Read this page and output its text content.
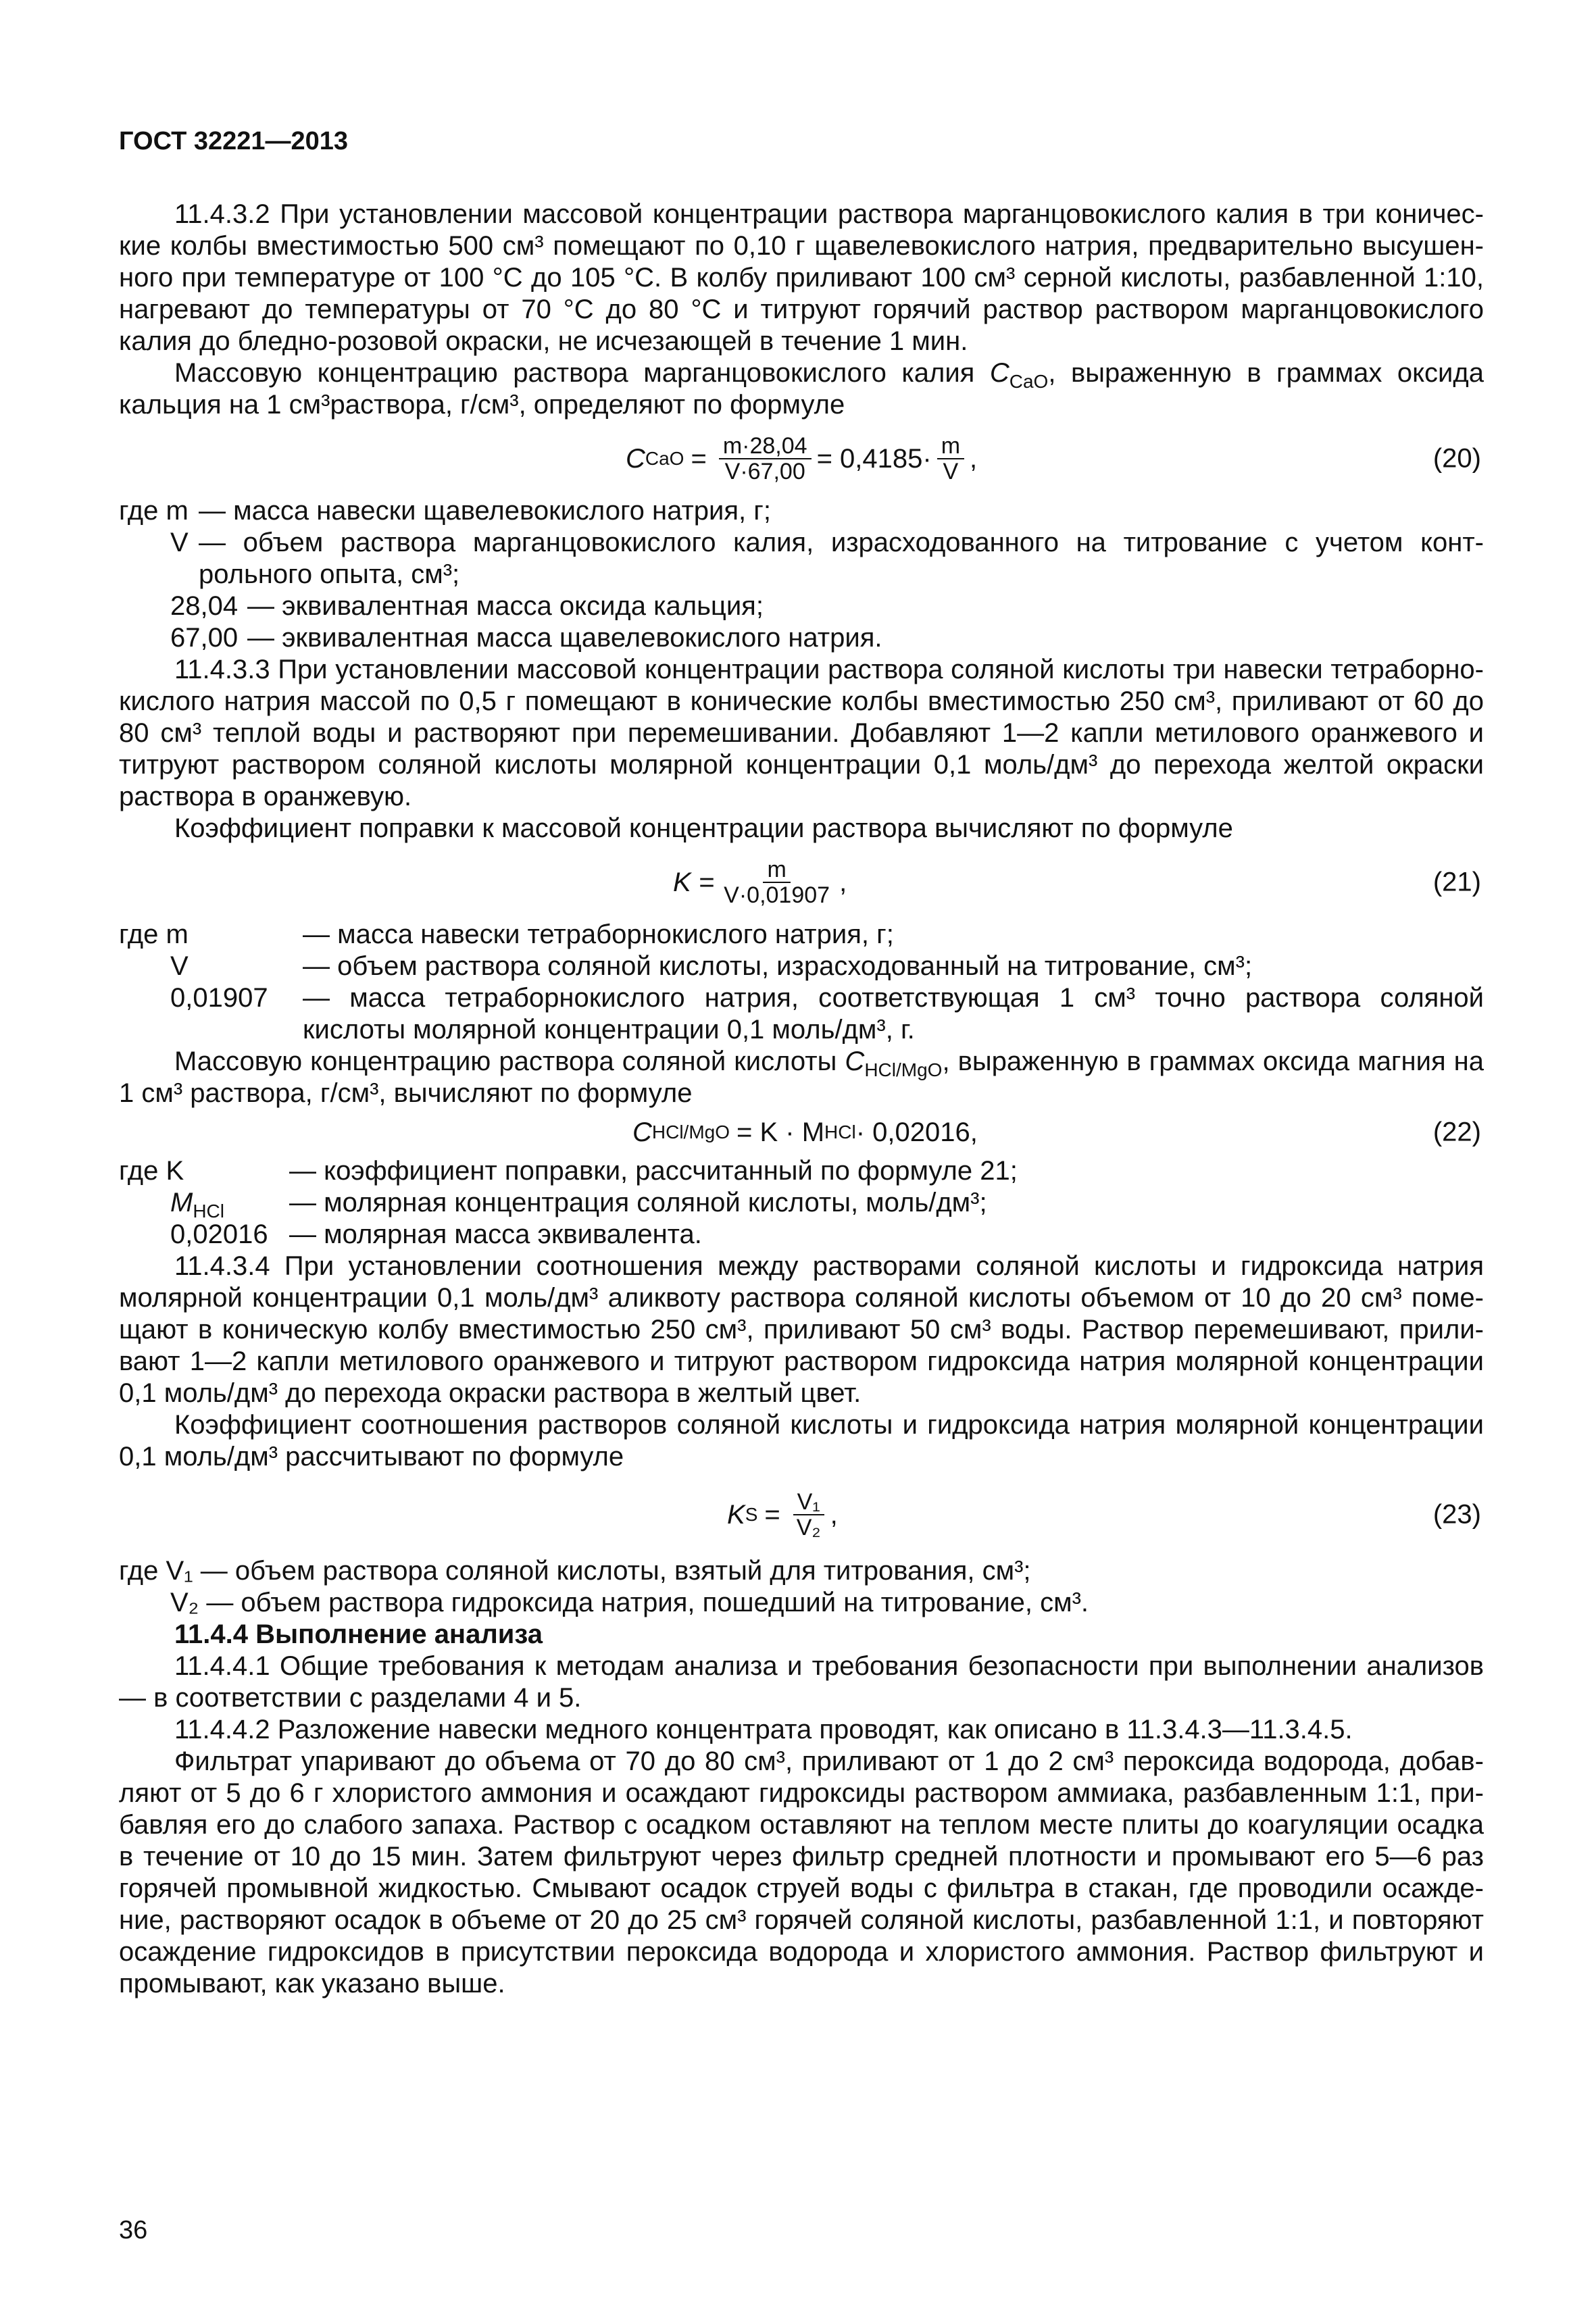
ГОСТ 32221—2013

11.4.3.2 При установлении массовой концентрации раствора марганцовокислого калия в три коничес-кие колбы вместимостью 500 см³ помещают по 0,10 г щавелевокислого натрия, предварительно высушен-ного при температуре от 100 °С до 105 °С. В колбу приливают 100 см³ серной кислоты, разбавленной 1:10, нагревают до температуры от 70 °С до 80 °С и титруют горячий раствор раствором марганцовокислого калия до бледно-розовой окраски, не исчезающей в течение 1 мин.

Массовую концентрацию раствора марганцовокислого калия $C_{CaO}$, выраженную в граммах оксида кальция на 1 см³раствора, г/см³, определяют по формуле

C CaO = $\frac{m\cdot 28,04}{V\cdot 67,00} = 0,4185\cdot \frac{m}{V}$ ,	(20)
где m — масса навески щавелевокислого натрия, г;
V — объем раствора марганцовокислого калия, израсходованного на титрование с учетом конт-рольного опыта, см³;
28,04 — эквивалентная масса оксида кальция;
67,00 — эквивалентная масса щавелевокислого натрия.

11.4.3.3 При установлении массовой концентрации раствора соляной кислоты три навески тетраборно-кислого натрия массой по 0,5 г помещают в конические колбы вместимостью 250 см³, приливают от 60 до 80 см³ теплой воды и растворяют при перемешивании. Добавляют 1—2 капли метилового оранжевого и титруют раствором соляной кислоты молярной концентрации 0,1 моль/дм³ до перехода желтой окраски раствора в оранжевую.

Коэффициент поправки к массовой концентрации раствора вычисляют по формуле

$K = \frac{m}{V\cdot 0,01907}$ ,	(21)
где m	— масса навески тетраборнокислого натрия, г;
V	— объем раствора соляной кислоты, израсходованный на титрование, см³;
0,01907	— масса тетраборнокислого натрия, соответствующая 1 см³ точно раствора соляной кислоты молярной концентрации 0,1 моль/дм³, г.

Массовую концентрацию раствора соляной кислоты $C_{HCl/MgO}$, выраженную в граммах оксида магния на 1 см³ раствора, г/см³, вычисляют по формуле

C HCl/MgO = K · M HCl · 0,02016,	(22)
где K	— коэффициент поправки, рассчитанный по формуле 21;
$M_{HCl}$	— молярная концентрация соляной кислоты, моль/дм³;
0,02016 — молярная масса эквивалента.

11.4.3.4 При установлении соотношения между растворами соляной кислоты и гидроксида натрия молярной концентрации 0,1 моль/дм³ аликвоту раствора соляной кислоты объемом от 10 до 20 см³ поме-щают в коническую колбу вместимостью 250 см³, приливают 50 см³ воды. Раствор перемешивают, прили-вают 1—2 капли метилового оранжевого и титруют раствором гидроксида натрия молярной концентрации 0,1 моль/дм³ до перехода окраски раствора в желтый цвет.

Коэффициент соотношения растворов соляной кислоты и гидроксида натрия молярной концентрации 0,1 моль/дм³ рассчитывают по формуле

K $S = \frac{\text{V₁}}{\text{V₂}}$ ,	(23)
где V₁ — объем раствора соляной кислоты, взятый для титрования, см³;
V₂ — объем раствора гидроксида натрия, пошедший на титрование, см³.

11.4.4 Выполнение анализа

11.4.4.1 Общие требования к методам анализа и требования безопасности при выполнении анализов — в соответствии с разделами 4 и 5.

11.4.4.2 Разложение навески медного концентрата проводят, как описано в 11.3.4.3—11.3.4.5.

Фильтрат упаривают до объема от 70 до 80 см³, приливают от 1 до 2 см³ пероксида водорода, добав-ляют от 5 до 6 г хлористого аммония и осаждают гидроксиды раствором аммиака, разбавленным 1:1, при-бавляя его до слабого запаха. Раствор с осадком оставляют на теплом месте плиты до коагуляции осадка в течение от 10 до 15 мин. Затем фильтруют через фильтр средней плотности и промывают его 5—6 раз горячей промывной жидкостью. Смывают осадок струей воды с фильтра в стакан, где проводили осажде-ние, растворяют осадок в объеме от 20 до 25 см³ горячей соляной кислоты, разбавленной 1:1, и повторяют осаждение гидроксидов в присутствии пероксида водорода и хлористого аммония. Раствор фильтруют и промывают, как указано выше.

36
